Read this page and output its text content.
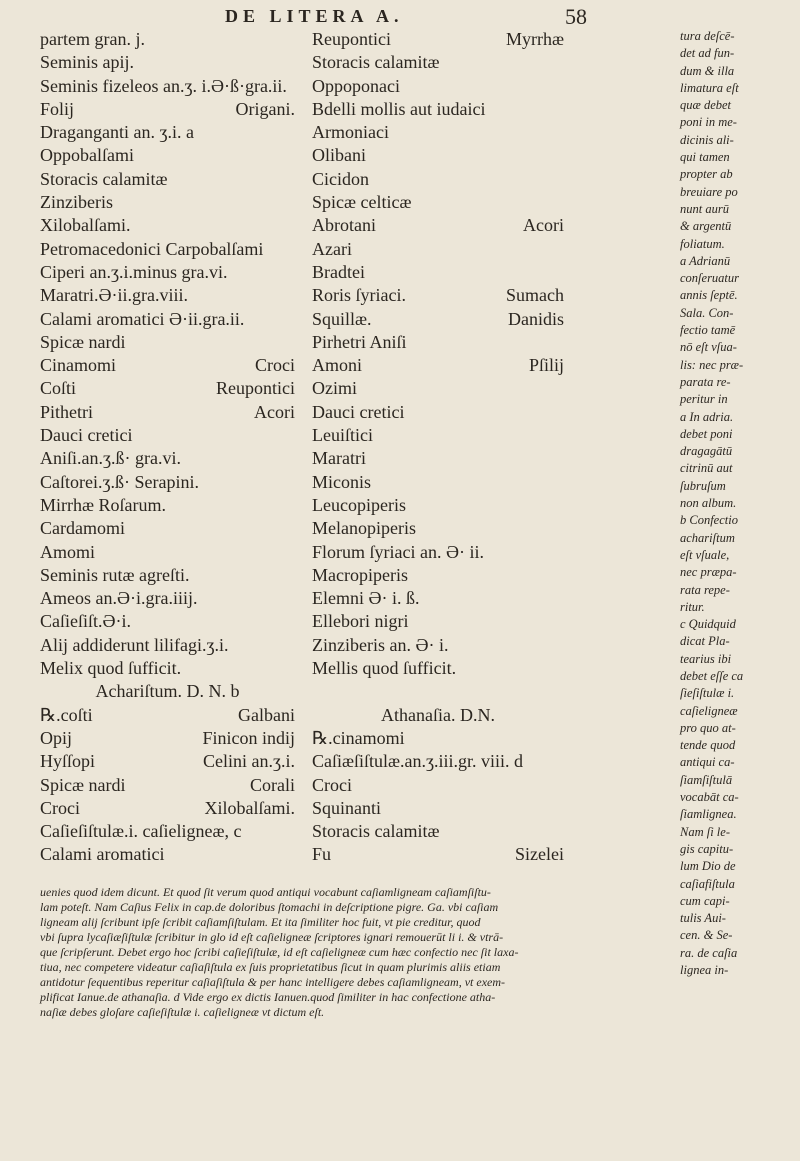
DE LITERA A.	58
partem gran. j.
Seminis apij.
Seminis fizeleos an.ʒ. i.Ə·ß·gra.ii.
Folij	Origani.
Draganganti an. ʒ.i. a
Oppobalſami
Storacis calamitæ
Zinziberis
Xilobalſami.
Petromacedonici Carpobalſami
Ciperi an.ʒ.i.minus gra.vi.
Maratri.Ə·ii.gra.viii.
Calami aromatici Ə·ii.gra.ii.
Spicæ nardi
Cinamomi	Croci
Coſti	Reupontici
Pithetri	Acori
Dauci cretici
Aniſi.an.ʒ.ß· gra.vi.
Caſtorei.ʒ.ß· Serapini.
Mirrhæ Roſarum.
Cardamomi
Amomi
Seminis rutæ agreſti.
Ameos an.Ə·i.gra.iiij.
Caſieſiſt.Ə·i.
Alij addiderunt lilifagi.ʒ.i.
Melix quod ſufficit.
Achariſtum. D. N. b
℞.coſti	Galbani
Opij	Finicon indij
Hyſſopi	Celini an.ʒ.i.
Spicæ nardi	Corali
Croci	Xilobalſami.
Caſieſiſtulæ.i. caſieligneæ, c
Calami aromatici
Reupontici	Myrrhæ
Storacis calamitæ
Oppoponaci
Bdelli mollis aut iudaici
Armoniaci
Olibani
Cicidon
Spicæ celticæ
Abrotani	Acori
Azari
Bradtei
Roris ſyriaci.	Sumach
Squillæ.	Danidis
Pirhetri Aniſi
Amoni	Pſilij
Ozimi
Dauci cretici
Leuiſtici
Maratri
Miconis
Leucopiperis
Melanopiperis
Florum ſyriaci an. Ə· ii.
Macropiperis
Elemni Ə· i. ß.
Ellebori nigri
Zinziberis an. Ə· i.
Mellis quod ſufficit.
Athanaſia. D.N.
℞.cinamomi
Caſiæſiſtulæ.an.ʒ.iii.gr. viii. d
Croci
Squinanti
Storacis calamitæ
Fu	Sizelei
tura deſcē-
det ad fun-
dum & illa
limatura eſt
quæ debet
poni in me-
dicinis ali-
qui tamen
propter ab
breuiare po
nunt aurū
& argentū
foliatum.
a Adrianū
conſeruatur
annis ſeptē.
Sala. Con-
fectio tamē
nō eſt vſua-
lis: nec præ-
parata re-
peritur in
a In adria.
debet poni
dragagātū
citrinū aut
ſubruſum
non album.
b Confectio
achariſtum
eſt vſuale,
nec præpa-
rata repe-
ritur.
c Quidquid
dicat Pla-
tearius ibi
debet eſſe ca
ſieſiſtulæ i.
caſieligneæ
pro quo at-
tende quod
antiqui ca-
ſiamſiſtulā
vocabāt ca-
ſiamlignea.
Nam ſi le-
gis capitu-
lum Dio de
caſiafiſtula
cum capi-
tulis Aui-
cen. & Se-
ra. de caſia
lignea in-
uenies quod idem dicunt. Et quod ſit verum quod antiqui vocabunt caſiamligneam caſiamſiſtu-
lam poteſt. Nam Caſius Felix in cap.de doloribus ſtomachi in deſcriptione pigre. Ga. vbi caſiam
ligneam alij ſcribunt ipſe ſcribit caſiamſiſtulam. Et ita ſimiliter hoc fuit, vt pie creditur, quod
vbi ſupra lycaſiæſiſtulæ ſcribitur in glo id eſt caſieligneæ ſcriptores ignari remouerūt li i. & vtrā-
que ſcripſerunt. Debet ergo hoc ſcribi caſieſiſtulæ, id eſt caſieligneæ cum hæc confectio nec ſit laxa-
tiua, nec competere videatur caſiaſiſtula ex ſuis proprietatibus ſicut in quam plurimis aliis etiam
antidotur ſequentibus reperitur caſiaſiſtula & per hanc intelligere debes caſiamligneam, vt exem-
plificat Ianue.de athanaſia. d Vide ergo ex dictis Ianuen.quod ſimiliter in hac confectione atha-
naſiæ debes gloſare caſieſiſtulæ i. caſieligneæ vt dictum eſt.
